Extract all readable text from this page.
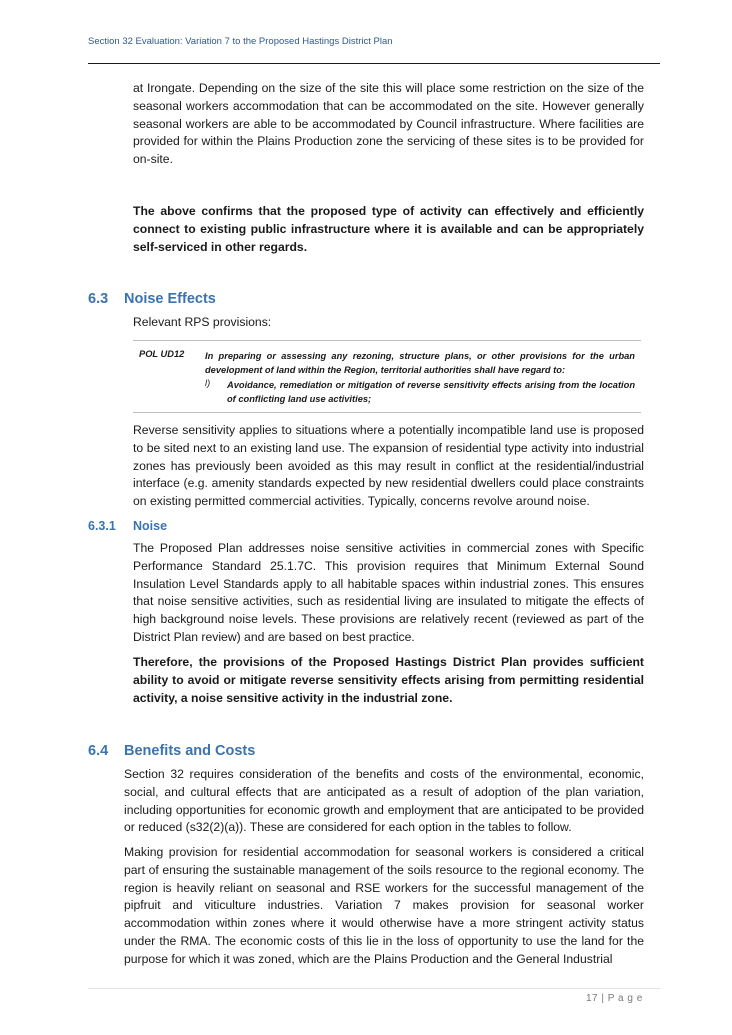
Section 32 Evaluation: Variation 7 to the Proposed Hastings District Plan

at Irongate. Depending on the size of the site this will place some restriction on the size of the seasonal workers accommodation that can be accommodated on the site. However generally seasonal workers are able to be accommodated by Council infrastructure. Where facilities are provided for within the Plains Production zone the servicing of these sites is to be provided for on-site.

The above confirms that the proposed type of activity can effectively and efficiently connect to existing public infrastructure where it is available and can be appropriately self-serviced in other regards.

6.3 Noise Effects

Relevant RPS provisions:

POL UD12 In preparing or assessing any rezoning, structure plans, or other provisions for the urban development of land within the Region, territorial authorities shall have regard to:
l) Avoidance, remediation or mitigation of reverse sensitivity effects arising from the location of conflicting land use activities;

Reverse sensitivity applies to situations where a potentially incompatible land use is proposed to be sited next to an existing land use. The expansion of residential type activity into industrial zones has previously been avoided as this may result in conflict at the residential/industrial interface (e.g. amenity standards expected by new residential dwellers could place constraints on existing permitted commercial activities. Typically, concerns revolve around noise.

6.3.1 Noise

The Proposed Plan addresses noise sensitive activities in commercial zones with Specific Performance Standard 25.1.7C. This provision requires that Minimum External Sound Insulation Level Standards apply to all habitable spaces within industrial zones. This ensures that noise sensitive activities, such as residential living are insulated to mitigate the effects of high background noise levels. These provisions are relatively recent (reviewed as part of the District Plan review) and are based on best practice.

Therefore, the provisions of the Proposed Hastings District Plan provides sufficient ability to avoid or mitigate reverse sensitivity effects arising from permitting residential activity, a noise sensitive activity in the industrial zone.

6.4 Benefits and Costs

Section 32 requires consideration of the benefits and costs of the environmental, economic, social, and cultural effects that are anticipated as a result of adoption of the plan variation, including opportunities for economic growth and employment that are anticipated to be provided or reduced (s32(2)(a)). These are considered for each option in the tables to follow.

Making provision for residential accommodation for seasonal workers is considered a critical part of ensuring the sustainable management of the soils resource to the regional economy. The region is heavily reliant on seasonal and RSE workers for the successful management of the pipfruit and viticulture industries. Variation 7 makes provision for seasonal worker accommodation within zones where it would otherwise have a more stringent activity status under the RMA. The economic costs of this lie in the loss of opportunity to use the land for the purpose for which it was zoned, which are the Plains Production and the General Industrial

17 | P a g e
